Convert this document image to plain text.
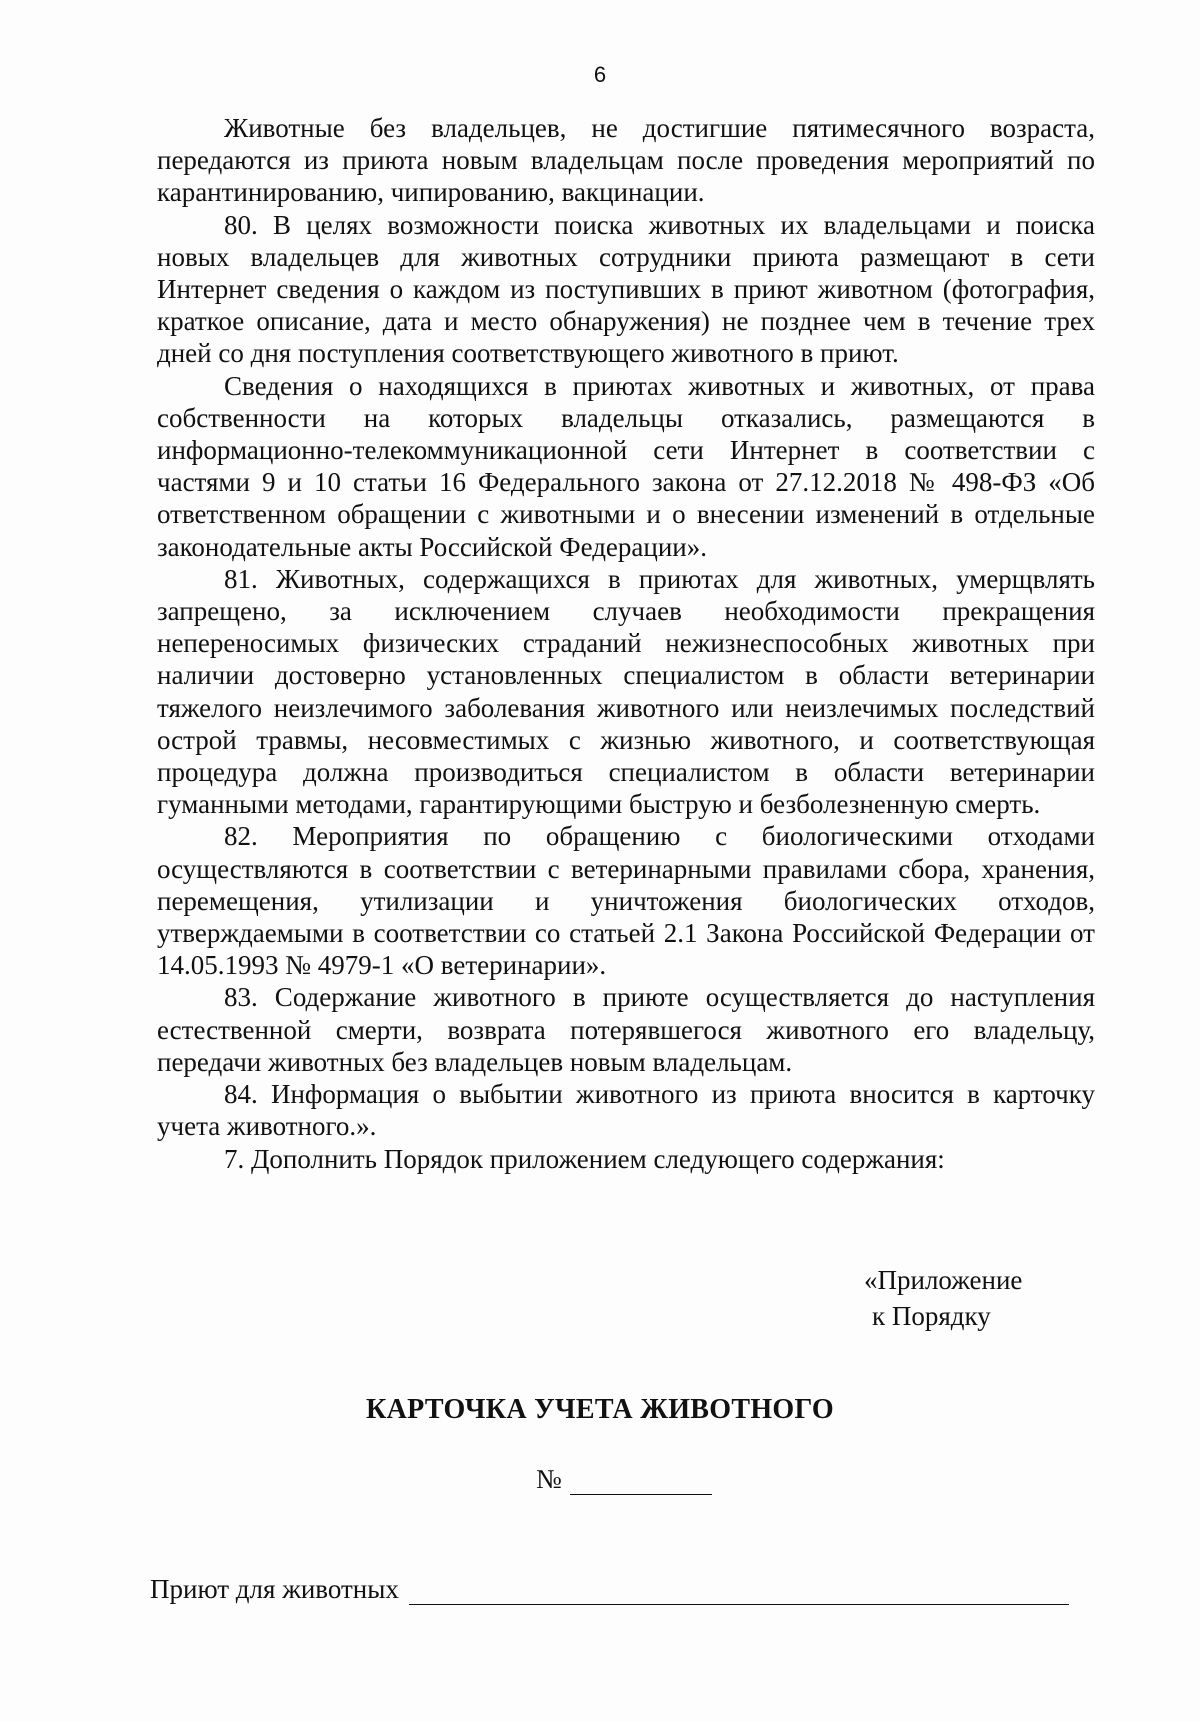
6

Животные без владельцев, не достигшие пятимесячного возраста, передаются из приюта новым владельцам после проведения мероприятий по карантинированию, чипированию, вакцинации.

80. В целях возможности поиска животных их владельцами и поиска новых владельцев для животных сотрудники приюта размещают в сети Интернет сведения о каждом из поступивших в приют животном (фотография, краткое описание, дата и место обнаружения) не позднее чем в течение трех дней со дня поступления соответствующего животного в приют.

Сведения о находящихся в приютах животных и животных, от права собственности на которых владельцы отказались, размещаются в информационно-телекоммуникационной сети Интернет в соответствии с частями 9 и 10 статьи 16 Федерального закона от 27.12.2018 № 498-ФЗ «Об ответственном обращении с животными и о внесении изменений в отдельные законодательные акты Российской Федерации».

81. Животных, содержащихся в приютах для животных, умерщвлять запрещено, за исключением случаев необходимости прекращения непереносимых физических страданий нежизнеспособных животных при наличии достоверно установленных специалистом в области ветеринарии тяжелого неизлечимого заболевания животного или неизлечимых последствий острой травмы, несовместимых с жизнью животного, и соответствующая процедура должна производиться специалистом в области ветеринарии гуманными методами, гарантирующими быструю и безболезненную смерть.

82. Мероприятия по обращению с биологическими отходами осуществляются в соответствии с ветеринарными правилами сбора, хранения, перемещения, утилизации и уничтожения биологических отходов, утверждаемыми в соответствии со статьей 2.1 Закона Российской Федерации от 14.05.1993 № 4979-1 «О ветеринарии».

83. Содержание животного в приюте осуществляется до наступления естественной смерти, возврата потерявшегося животного его владельцу, передачи животных без владельцев новым владельцам.

84. Информация о выбытии животного из приюта вносится в карточку учета животного.».

7. Дополнить Порядок приложением следующего содержания:

«Приложение
к Порядку
КАРТОЧКА УЧЕТА ЖИВОТНОГО
№
Приют для животных
